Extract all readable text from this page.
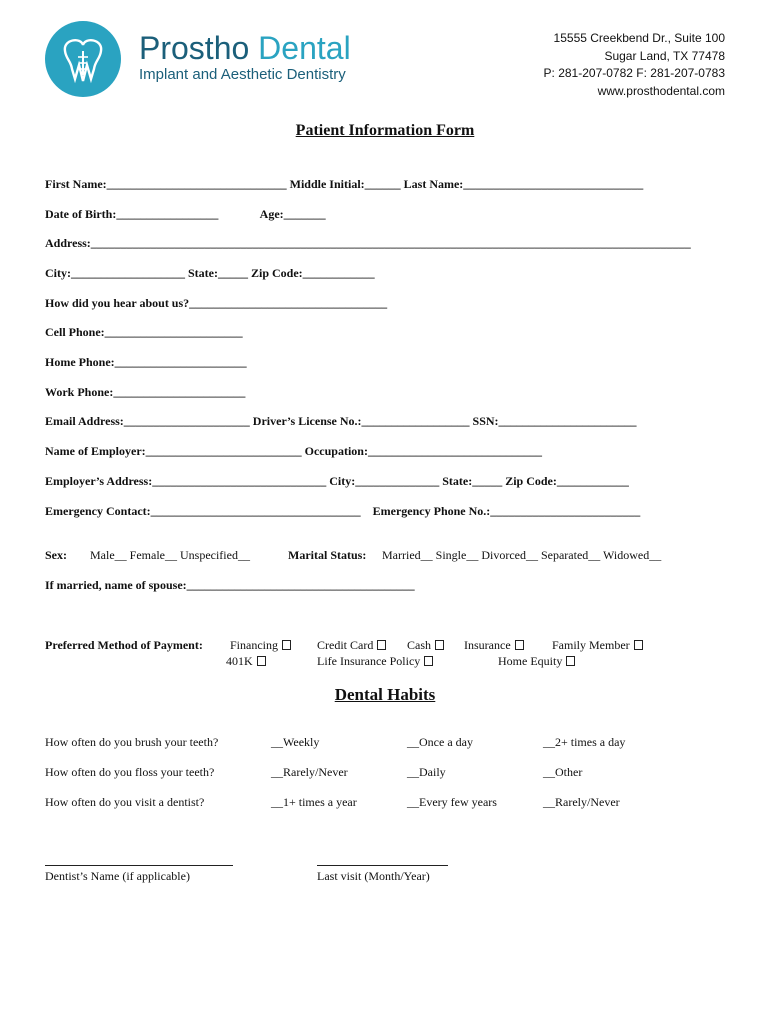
Prostho Dental
Implant and Aesthetic Dentistry
15555 Creekbend Dr., Suite 100
Sugar Land, TX 77478
P: 281-207-0782 F: 281-207-0783
www.prosthodental.com
Patient Information Form
First Name:______________________________ Middle Initial:______ Last Name:______________________________
Date of Birth:_________________              Age:_______
Address:____________________________________________________________________________________________________
City:___________________ State:_____ Zip Code:____________
How did you hear about us?_________________________________
Cell Phone:_______________________
Home Phone:______________________
Work Phone:______________________
Email Address:_____________________ Driver’s License No.:__________________ SSN:_______________________
Name of Employer:__________________________ Occupation:_____________________________
Employer’s Address:_____________________________ City:______________ State:_____ Zip Code:____________
Emergency Contact:___________________________________    Emergency Phone No.:_________________________
Sex: Male__ Female__ Unspecified__	Marital Status: Married__ Single__ Divorced__ Separated__ Widowed__
If married, name of spouse:______________________________________
Preferred Method of Payment: Financing	Credit Card	Cash	Insurance	Family Member
401K	Life Insurance Policy	Home Equity
Dental Habits
How often do you brush your teeth?	__Weekly	__Once a day	__2+ times a day
How often do you floss your teeth?	__Rarely/Never	__Daily	__Other
How often do you visit a dentist?	__1+ times a year	__Every few years	__Rarely/Never
Dentist’s Name (if applicable)	Last visit (Month/Year)
